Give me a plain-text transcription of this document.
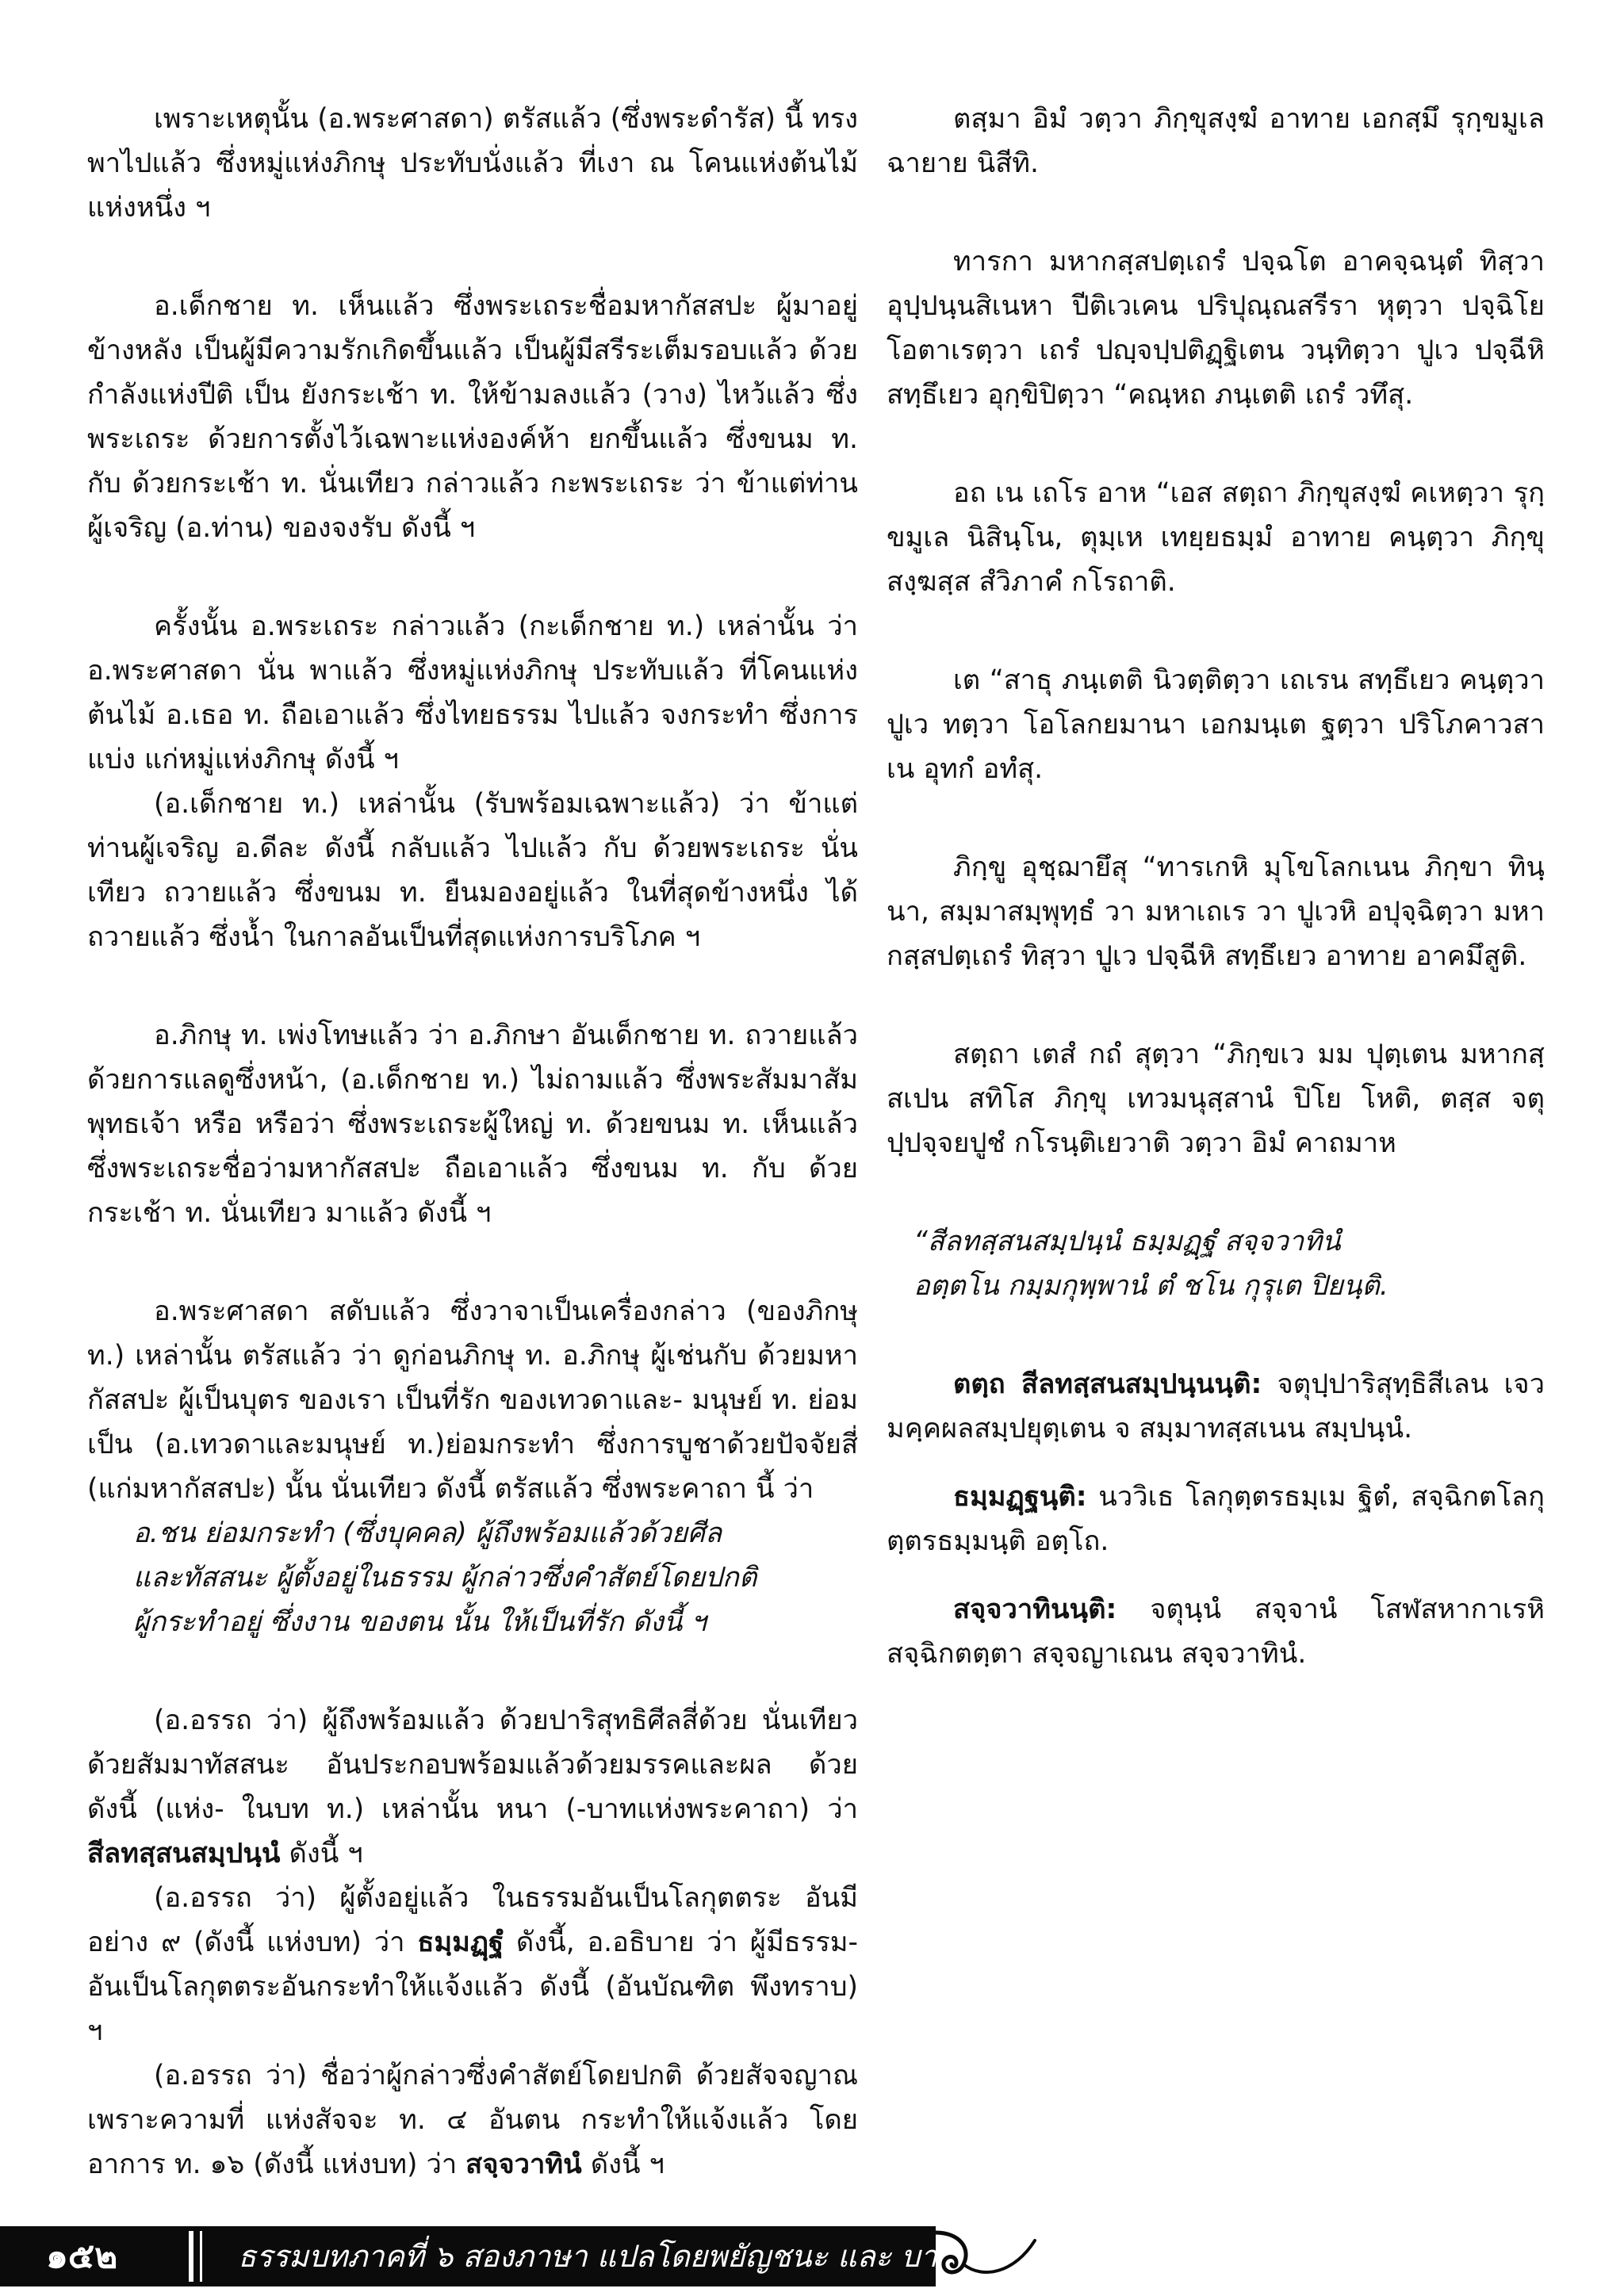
เพราะเหตุนั้น (อ.พระศาสดา) ตรัสแล้ว (ซึ่งพระดำรัส) นี้ ทรงพาไปแล้ว ซึ่งหมู่แห่งภิกษุ ประทับนั่งแล้ว ที่เงา ณ โคนแห่งต้นไม้ แห่งหนึ่ง ฯ

อ.เด็กชาย ท. เห็นแล้ว ซึ่งพระเถระชื่อมหากัสสปะ ผู้มาอยู่ข้างหลัง เป็นผู้มีความรักเกิดขึ้นแล้ว เป็นผู้มีสรีระเต็มรอบแล้ว ด้วยกำลังแห่งปีติ เป็น ยังกระเช้า ท. ให้ข้ามลงแล้ว (วาง) ไหว้แล้ว ซึ่งพระเถระ ด้วยการตั้งไว้เฉพาะแห่งองค์ห้า ยกขึ้นแล้ว ซึ่งขนม ท. กับ ด้วยกระเช้า ท. นั่นเทียว กล่าวแล้ว กะพระเถระ ว่า ข้าแต่ท่านผู้เจริญ (อ.ท่าน) ของจงรับ ดังนี้ ฯ

ครั้งนั้น อ.พระเถระ กล่าวแล้ว (กะเด็กชาย ท.) เหล่านั้น ว่า อ.พระศาสดา นั่น พาแล้ว ซึ่งหมู่แห่งภิกษุ ประทับแล้ว ที่โคนแห่งต้นไม้ อ.เธอ ท. ถือเอาแล้ว ซึ่งไทยธรรม ไปแล้ว จงกระทำ ซึ่งการแบ่ง แก่หมู่แห่งภิกษุ ดังนี้ ฯ

(อ.เด็กชาย ท.) เหล่านั้น (รับพร้อมเฉพาะแล้ว) ว่า ข้าแต่ท่านผู้เจริญ อ.ดีละ ดังนี้ กลับแล้ว ไปแล้ว กับ ด้วยพระเถระ นั่นเทียว ถวายแล้ว ซึ่งขนม ท. ยืนมองอยู่แล้ว ในที่สุดข้างหนึ่ง ได้ถวายแล้ว ซึ่งน้ำ ในกาลอันเป็นที่สุดแห่งการบริโภค ฯ

อ.ภิกษุ ท. เพ่งโทษแล้ว ว่า อ.ภิกษา อันเด็กชาย ท. ถวายแล้ว ด้วยการแลดูซึ่งหน้า, (อ.เด็กชาย ท.) ไม่ถามแล้ว ซึ่งพระสัมมาสัมพุทธเจ้า หรือ หรือว่า ซึ่งพระเถระผู้ใหญ่ ท. ด้วยขนม ท. เห็นแล้ว ซึ่งพระเถระชื่อว่ามหากัสสปะ ถือเอาแล้ว ซึ่งขนม ท. กับ ด้วยกระเช้า ท. นั่นเทียว มาแล้ว ดังนี้ ฯ

อ.พระศาสดา สดับแล้ว ซึ่งวาจาเป็นเครื่องกล่าว (ของภิกษุ ท.) เหล่านั้น ตรัสแล้ว ว่า ดูก่อนภิกษุ ท. อ.ภิกษุ ผู้เช่นกับ ด้วยมหากัสสปะ ผู้เป็นบุตร ของเรา เป็นที่รัก ของเทวดาและ- มนุษย์ ท. ย่อมเป็น (อ.เทวดาและมนุษย์ ท.)ย่อมกระทำ ซึ่งการบูชาด้วยปัจจัยสี่ (แก่มหากัสสปะ) นั้น นั่นเทียว ดังนี้ ตรัสแล้ว ซึ่งพระคาถา นี้ ว่า

อ.ชน ย่อมกระทำ (ซึ่งบุคคล) ผู้ถึงพร้อมแล้วด้วยศีล

และทัสสนะ ผู้ตั้งอยู่ในธรรม ผู้กล่าวซึ่งคำสัตย์โดยปกติ

ผู้กระทำอยู่ ซึ่งงาน ของตน นั้น ให้เป็นที่รัก ดังนี้ ฯ

(อ.อรรถ ว่า) ผู้ถึงพร้อมแล้ว ด้วยปาริสุทธิศีลสี่ด้วย นั่นเทียว ด้วยสัมมาทัสสนะ อันประกอบพร้อมแล้วด้วยมรรคและผล ด้วย ดังนี้ (แห่ง- ในบท ท.) เหล่านั้น หนา (-บาทแห่งพระคาถา) ว่า สีลทสฺสนสมฺปนฺนํ ดังนี้ ฯ

(อ.อรรถ ว่า) ผู้ตั้งอยู่แล้ว ในธรรมอันเป็นโลกุตตระ อันมีอย่าง ๙ (ดังนี้ แห่งบท) ว่า ธมฺมฏฺฐํ ดังนี้, อ.อธิบาย ว่า ผู้มีธรรม- อันเป็นโลกุตตระอันกระทำให้แจ้งแล้ว ดังนี้ (อันบัณฑิต พึงทราบ) ฯ

(อ.อรรถ ว่า) ชื่อว่าผู้กล่าวซึ่งคำสัตย์โดยปกติ ด้วยสัจจญาณ เพราะความที่ แห่งสัจจะ ท. ๔ อันตน กระทำให้แจ้งแล้ว โดยอาการ ท. ๑๖ (ดังนี้ แห่งบท) ว่า สจฺจวาทินํ ดังนี้ ฯ

ตสฺมา อิมํ วตฺวา ภิกฺขุสงฺฆํ อาทาย เอกสฺมึ รุกฺขมูเล ฉายาย นิสีทิ.

ทารกา มหากสฺสปตฺเถรํ ปจฺฉโต อาคจฺฉนฺตํ ทิสฺวา อุปฺปนฺนสิเนหา ปีติเวเคน ปริปุณฺณสรีรา หุตฺวา ปจฺฉิโย โอตาเรตฺวา เถรํ ปญฺจปฺปติฏฺฐิเตน วนฺทิตฺวา ปูเว ปจฺฉีหิ สทฺธึเยว อุกฺขิปิตฺวา “คณฺหถ ภนฺเตติ เถรํ วทึสุ.

อถ เน เถโร อาห “เอส สตฺถา ภิกฺขุสงฺฆํ คเหตฺวา รุกฺขมูเล นิสินฺโน, ตุมฺเห เทยฺยธมฺมํ อาทาย คนฺตฺวา ภิกฺขุสงฺฆสฺส สํวิภาคํ กโรถาติ.

เต “สาธุ ภนฺเตติ นิวตฺติตฺวา เถเรน สทฺธึเยว คนฺตฺวา ปูเว ทตฺวา โอโลกยมานา เอกมนฺเต ฐตฺวา ปริโภคาวสาเน อุทกํ อทํสุ.

ภิกฺขู อุชฺฌายึสุ “ทารเกหิ มุโขโลกเนน ภิกฺขา ทินฺนา, สมฺมาสมฺพุทฺธํ วา มหาเถเร วา ปูเวหิ อปุจฺฉิตฺวา มหากสฺสปตฺเถรํ ทิสฺวา ปูเว ปจฺฉีหิ สทฺธึเยว อาทาย อาคมึสูติ.

สตฺถา เตสํ กถํ สุตฺวา “ภิกฺขเว มม ปุตฺเตน มหากสฺสเปน สทิโส ภิกฺขุ เทวมนุสฺสานํ ปิโย โหติ, ตสฺส จตุปฺปจฺจยปูชํ กโรนฺติเยวาติ วตฺวา อิมํ คาถมาห

“สีลทสฺสนสมฺปนฺนํ ธมฺมฏฺฐํ สจฺจวาทินํ

อตฺตโน กมฺมกุพฺพานํ ตํ ชโน กุรุเต ปิยนฺติ.

ตตฺถ สีลทสฺสนสมฺปนฺนนฺติ: จตุปฺปาริสุทฺธิสีเลน เจว มคฺคผลสมฺปยุตฺเตน จ สมฺมาทสฺสเนน สมฺปนฺนํ.

ธมฺมฏฺฐนฺติ: นววิเธ โลกุตฺตรธมฺเม ฐิตํ, สจฺฉิกตโลกุตฺตรธมฺมนฺติ อตฺโถ.

สจฺจวาทินนฺติ: จตุนฺนํ สจฺจานํ โสฬสหากาเรหิ สจฺฉิกตตฺตา สจฺจญาเณน สจฺจวาทินํ.

๑๕๒	ธรรมบทภาคที่ ๖ สองภาษา แปลโดยพยัญชนะ และ บาลี
